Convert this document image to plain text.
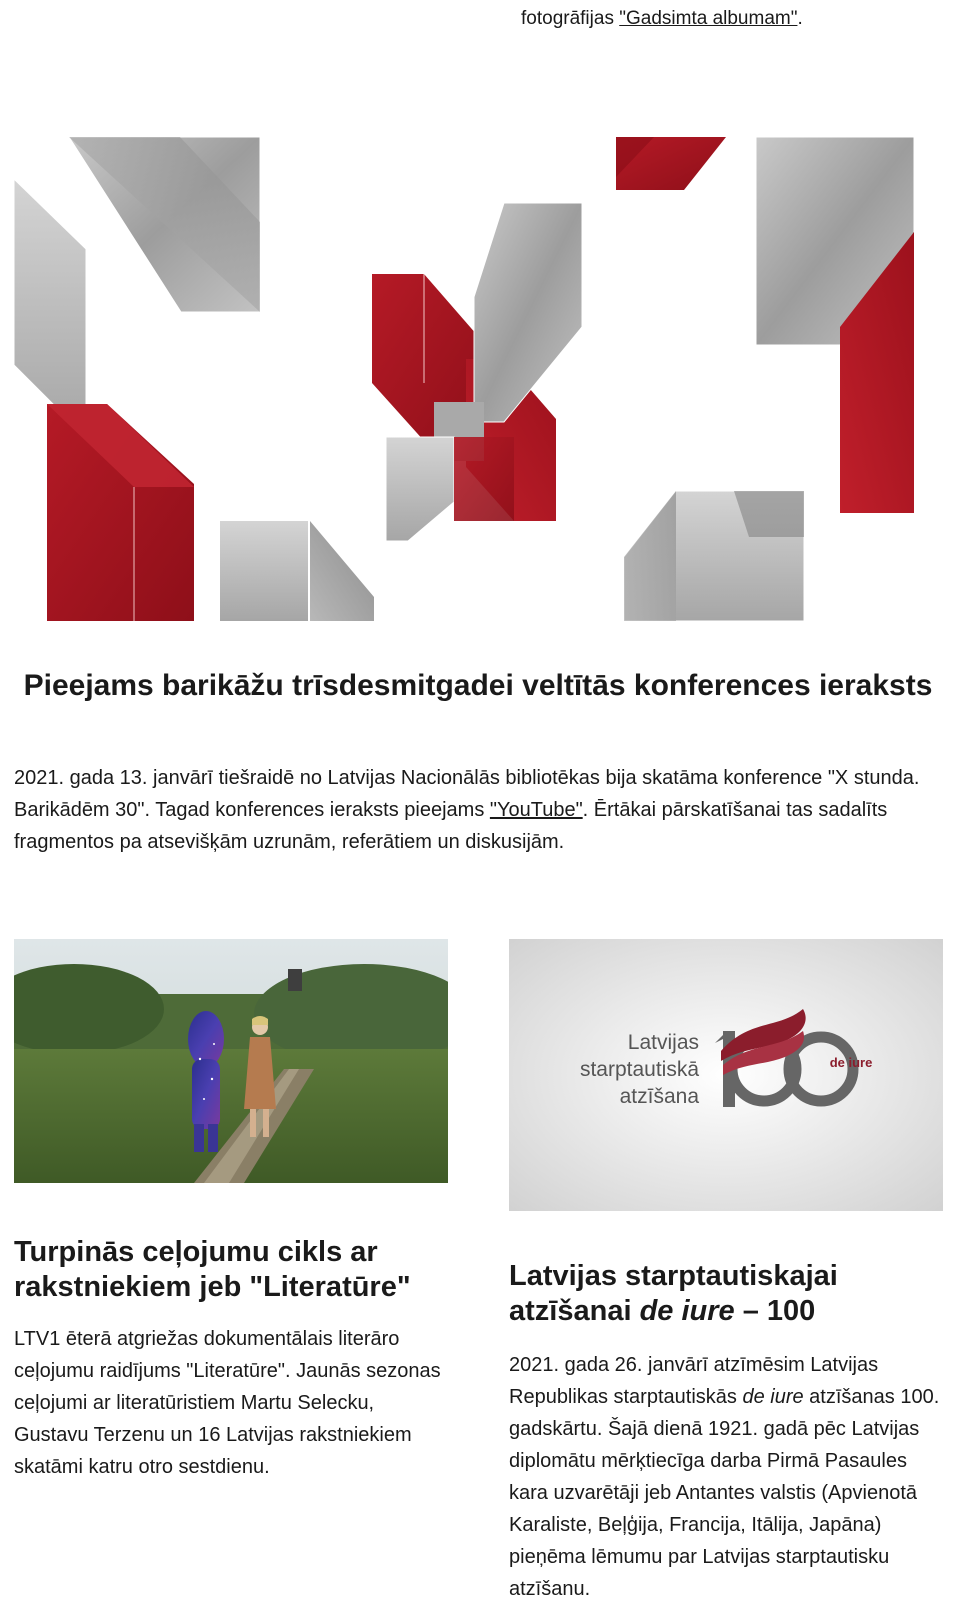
fotogrāfijas "Gadsimta albumam".
Pieejams barikāžu trīsdesmitgadei veltītās konferences ieraksts

2021. gada 13. janvārī tiešraidē no Latvijas Nacionālās bibliotēkas bija skatāma konference "X stunda. Barikādēm 30". Tagad konferences ieraksts pieejams "YouTube". Ērtākai pārskatīšanai tas sadalīts fragmentos pa atsevišķām uzrunām, referātiem un diskusijām.

Turpinās ceļojumu cikls ar rakstniekiem jeb "Literatūre"

LTV1 ēterā atgriežas dokumentālais literāro ceļojumu raidījums "Literatūre". Jaunās sezonas ceļojumi ar literatūristiem Martu Selecku, Gustavu Terzenu un 16 Latvijas rakstniekiem skatāmi katru otro sestdienu.

Latvijas
starptautiskā
atzīšana
de iure
Latvijas starptautiskajai atzīšanai de iure – 100

2021. gada 26. janvārī atzīmēsim Latvijas Republikas starptautiskās de iure atzīšanas 100. gadskārtu. Šajā dienā 1921. gadā pēc Latvijas diplomātu mērķtiecīga darba Pirmā Pasaules kara uzvarētāji jeb Antantes valstis (Apvienotā Karaliste, Beļģija, Francija, Itālija, Japāna) pieņēma lēmumu par Latvijas starptautisku atzīšanu.
